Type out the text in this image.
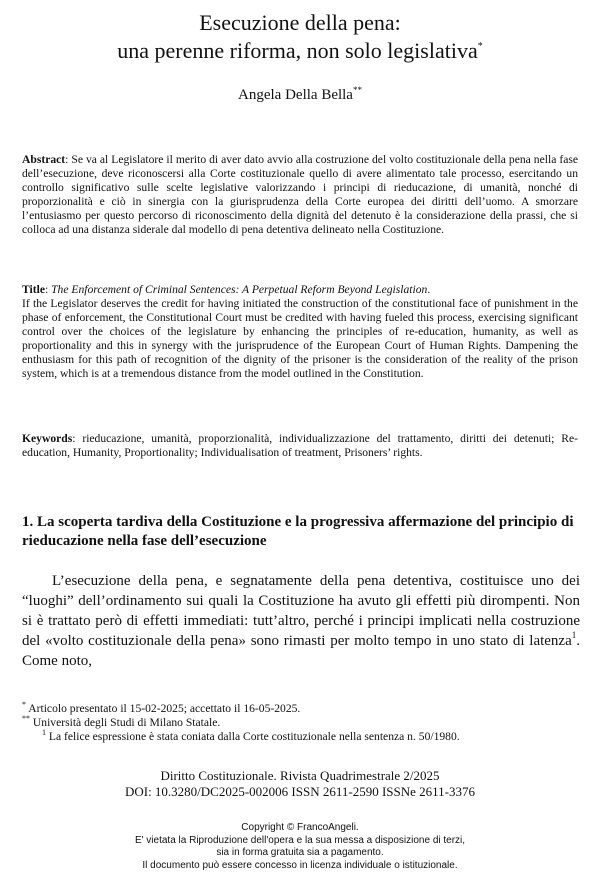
Esecuzione della pena:
una perenne riforma, non solo legislativa*
Angela Della Bella**
Abstract: Se va al Legislatore il merito di aver dato avvio alla costruzione del volto costituzionale della pena nella fase dell’esecuzione, deve riconoscersi alla Corte costituzionale quello di avere alimentato tale processo, esercitando un controllo significativo sulle scelte legislative valorizzando i principi di rieducazione, di umanità, nonché di proporzionalità e ciò in sinergia con la giurisprudenza della Corte europea dei diritti dell’uomo. A smorzare l’entusiasmo per questo percorso di riconoscimento della dignità del detenuto è la considerazione della prassi, che si colloca ad una distanza siderale dal modello di pena detentiva delineato nella Costituzione.
Title: The Enforcement of Criminal Sentences: A Perpetual Reform Beyond Legislation.
If the Legislator deserves the credit for having initiated the construction of the constitutional face of punishment in the phase of enforcement, the Constitutional Court must be credited with having fueled this process, exercising significant control over the choices of the legislature by enhancing the principles of re-education, humanity, as well as proportionality and this in synergy with the jurisprudence of the European Court of Human Rights. Dampening the enthusiasm for this path of recognition of the dignity of the prisoner is the consideration of the reality of the prison system, which is at a tremendous distance from the model outlined in the Constitution.
Keywords: rieducazione, umanità, proporzionalità, individualizzazione del trattamento, diritti dei detenuti; Re-education, Humanity, Proportionality; Individualisation of treatment, Prisoners’ rights.
1. La scoperta tardiva della Costituzione e la progressiva affermazione del principio di rieducazione nella fase dell’esecuzione
L’esecuzione della pena, e segnatamente della pena detentiva, costituisce uno dei “luoghi” dell’ordinamento sui quali la Costituzione ha avuto gli effetti più dirompenti. Non si è trattato però di effetti immediati: tutt’altro, perché i principi implicati nella costruzione del «volto costituzionale della pena» sono rimasti per molto tempo in uno stato di latenza$^1$. Come noto,

* Articolo presentato il 15-02-2025; accettato il 16-05-2025.

** Università degli Studi di Milano Statale.

$^1$ La felice espressione è stata coniata dalla Corte costituzionale nella sentenza n. 50/1980.

Diritto Costituzionale. Rivista Quadrimestrale 2/2025
DOI: 10.3280/DC2025-002006 ISSN 2611-2590 ISSNe 2611-3376
Copyright © FrancoAngeli.
E' vietata la Riproduzione dell'opera e la sua messa a disposizione di terzi,
sia in forma gratuita sia a pagamento.
Il documento può essere concesso in licenza individuale o istituzionale.
